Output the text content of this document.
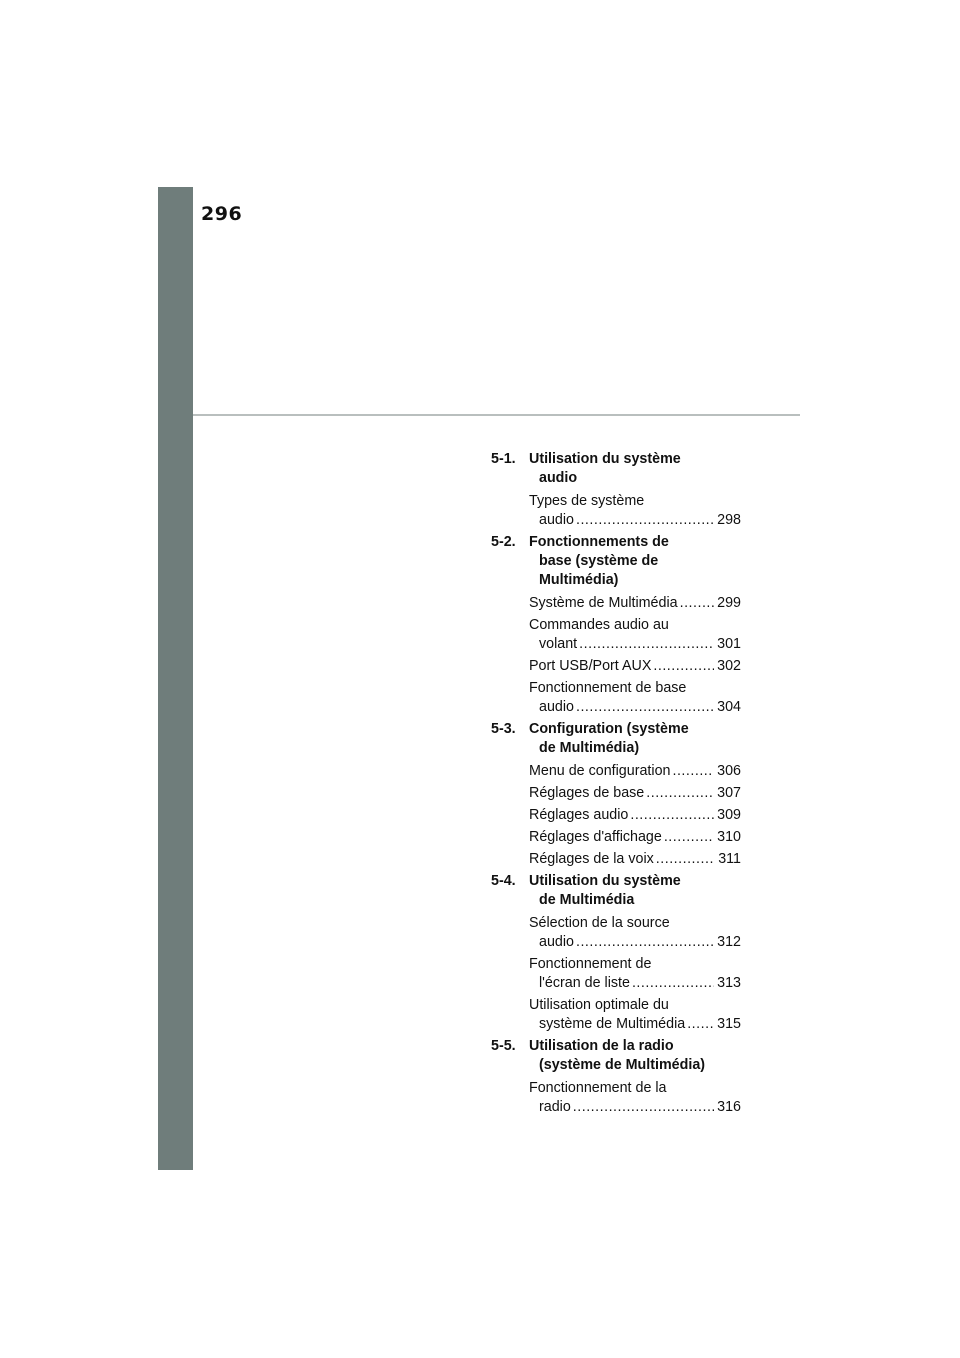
296
5-1. Utilisation du système
audio
Types de système
audio .....	298
5-2. Fonctionnements de
base (système de
Multimédia)
Système de Multimédia .....	299
Commandes audio au
volant .....	301
Port USB/Port AUX .....	302
Fonctionnement de base
audio .....	304
5-3. Configuration (système
de Multimédia)
Menu de configuration .....	306
Réglages de base .....	307
Réglages audio .....	309
Réglages d'affichage .....	310
Réglages de la voix .....	311
5-4. Utilisation du système
de Multimédia
Sélection de la source
audio .....	312
Fonctionnement de
l'écran de liste .....	313
Utilisation optimale du
système de Multimédia ..... 315
5-5. Utilisation de la radio
(système de Multimédia)
Fonctionnement de la
radio .....	316
